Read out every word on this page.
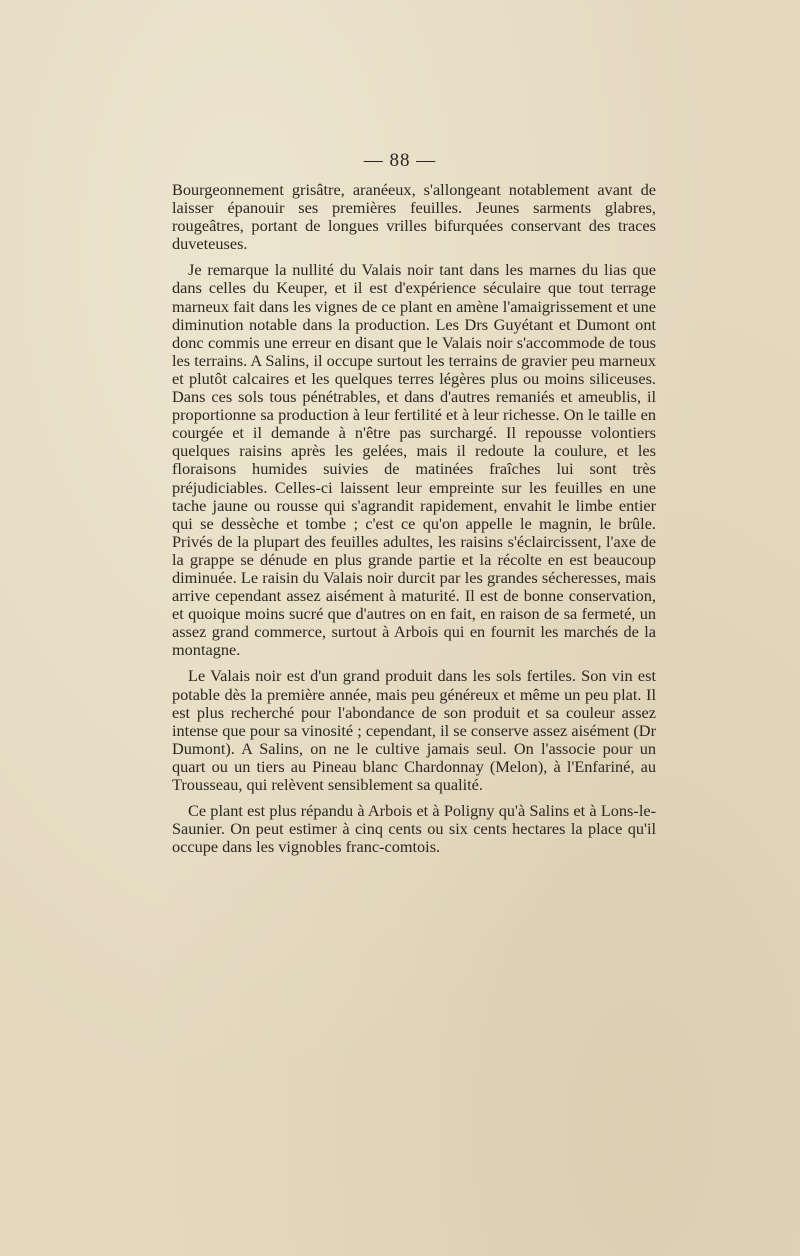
— 88 —

Bourgeonnement grisâtre, aranéeux, s'allongeant notablement avant de laisser épanouir ses premières feuilles. Jeunes sarments glabres, rougeâtres, portant de longues vrilles bifurquées conservant des traces duveteuses.

Je remarque la nullité du Valais noir tant dans les marnes du lias que dans celles du Keuper, et il est d'expérience séculaire que tout terrage marneux fait dans les vignes de ce plant en amène l'amaigrissement et une diminution notable dans la production. Les Drs Guyétant et Dumont ont donc commis une erreur en disant que le Valais noir s'accommode de tous les terrains. A Salins, il occupe surtout les terrains de gravier peu marneux et plutôt calcaires et les quelques terres légères plus ou moins siliceuses. Dans ces sols tous pénétrables, et dans d'autres remaniés et ameublis, il proportionne sa production à leur fertilité et à leur richesse. On le taille en courgée et il demande à n'être pas surchargé. Il repousse volontiers quelques raisins après les gelées, mais il redoute la coulure, et les floraisons humides suivies de matinées fraîches lui sont très préjudiciables. Celles-ci laissent leur empreinte sur les feuilles en une tache jaune ou rousse qui s'agrandit rapidement, envahit le limbe entier qui se dessèche et tombe ; c'est ce qu'on appelle le magnin, le brûle. Privés de la plupart des feuilles adultes, les raisins s'éclaircissent, l'axe de la grappe se dénude en plus grande partie et la récolte en est beaucoup diminuée. Le raisin du Valais noir durcit par les grandes sécheresses, mais arrive cependant assez aisément à maturité. Il est de bonne conservation, et quoique moins sucré que d'autres on en fait, en raison de sa fermeté, un assez grand commerce, surtout à Arbois qui en fournit les marchés de la montagne.

Le Valais noir est d'un grand produit dans les sols fertiles. Son vin est potable dès la première année, mais peu généreux et même un peu plat. Il est plus recherché pour l'abondance de son produit et sa couleur assez intense que pour sa vinosité ; cependant, il se conserve assez aisément (Dr Dumont). A Salins, on ne le cultive jamais seul. On l'associe pour un quart ou un tiers au Pineau blanc Chardonnay (Melon), à l'Enfariné, au Trousseau, qui relèvent sensiblement sa qualité.

Ce plant est plus répandu à Arbois et à Poligny qu'à Salins et à Lons-le-Saunier. On peut estimer à cinq cents ou six cents hectares la place qu'il occupe dans les vignobles franc-comtois.
